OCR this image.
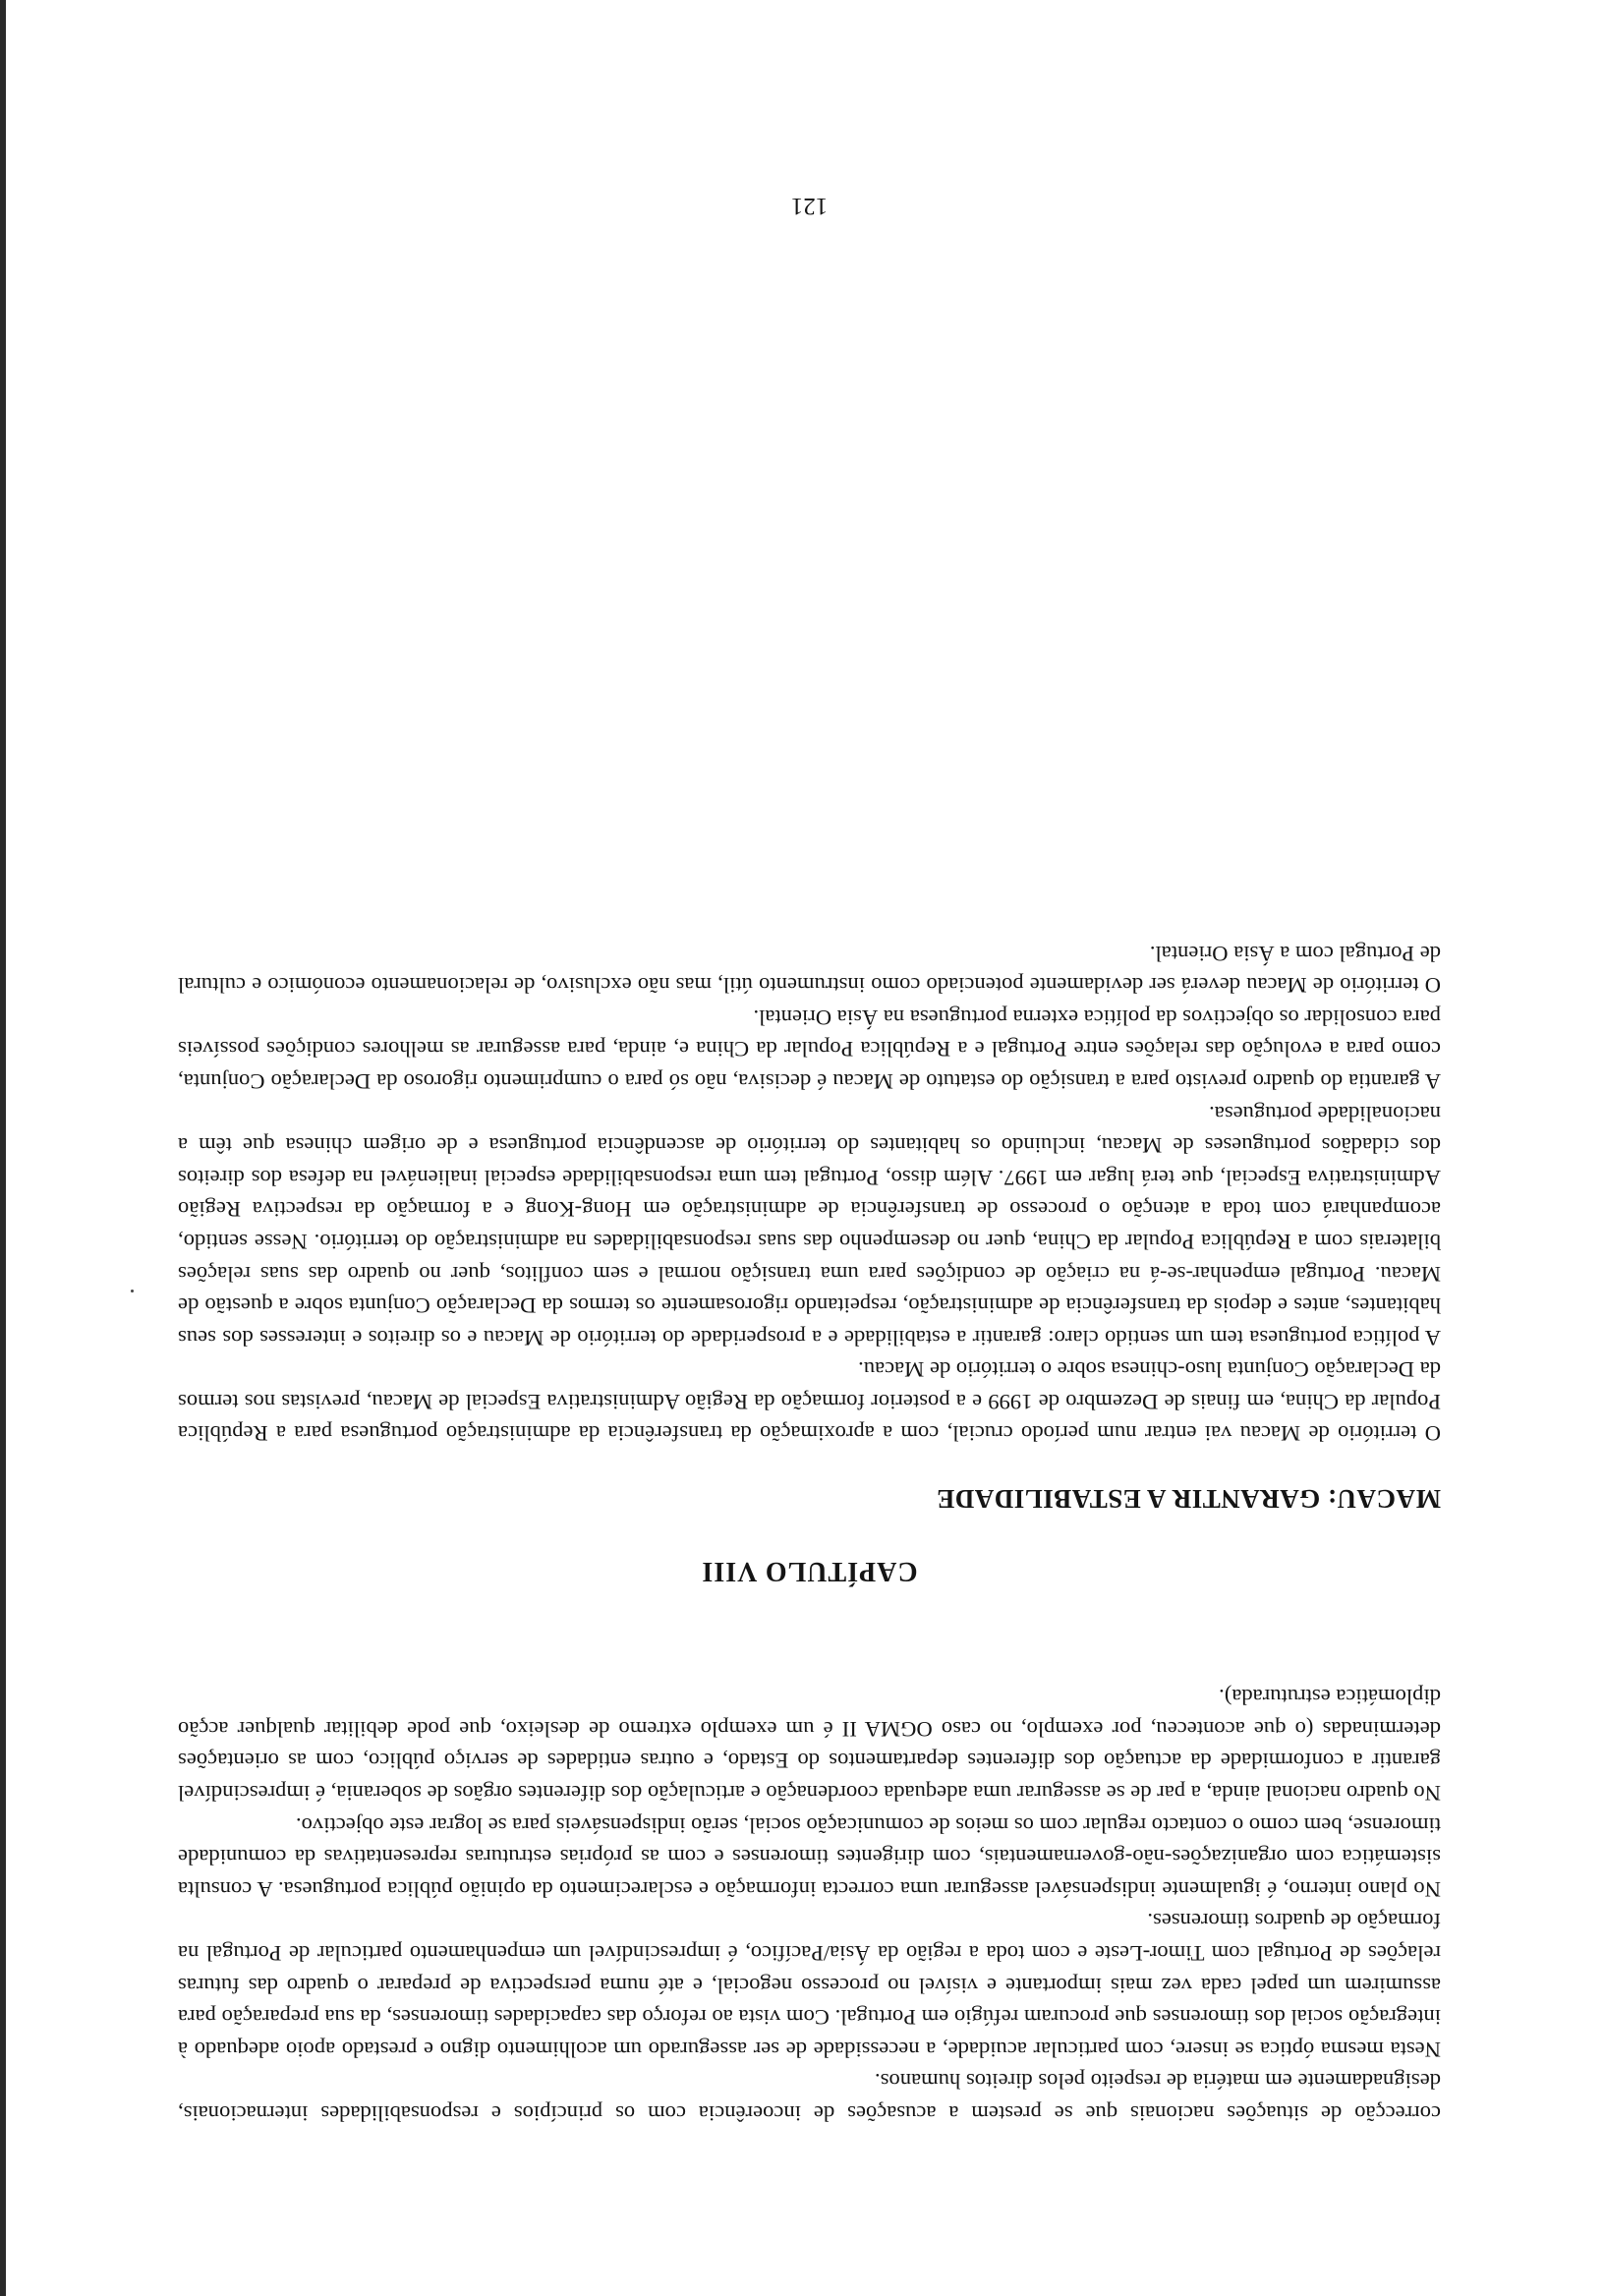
correcção de situações nacionais que se prestem a acusações de incoerência com os princípios e responsabilidades internacionais, designadamente em matéria de respeito pelos direitos humanos.

Nesta mesma óptica se insere, com particular acuidade, a necessidade de ser assegurado um acolhimento digno e prestado apoio adequado à integração social dos timorenses que procuram refúgio em Portugal. Com vista ao reforço das capacidades timorenses, da sua preparação para assumirem um papel cada vez mais importante e visível no processo negocial, e até numa perspectiva de preparar o quadro das futuras relações de Portugal com Timor-Leste e com toda a região da Ásia/Pacífico, é imprescindível um empenhamento particular de Portugal na formação de quadros timorenses.

No plano interno, é igualmente indispensável assegurar uma correcta informação e esclarecimento da opinião pública portuguesa. A consulta sistemática com organizações-não-governamentais, com dirigentes timorenses e com as próprias estruturas representativas da comunidade timorense, bem como o contacto regular com os meios de comunicação social, serão indispensáveis para se lograr este objectivo.

No quadro nacional ainda, a par de se assegurar uma adequada coordenação e articulação dos diferentes orgãos de soberania, é imprescindível garantir a conformidade da actuação dos diferentes departamentos do Estado, e outras entidades de serviço público, com as orientações determinadas (o que aconteceu, por exemplo, no caso OGMA II é um exemplo extremo de desleixo, que pode debilitar qualquer acção diplomática estruturada).

CAPÍTULO VIII

MACAU: GARANTIR A ESTABILIDADE

O território de Macau vai entrar num período crucial, com a aproximação da transferência da administração portuguesa para a República Popular da China, em finais de Dezembro de 1999 e a posterior formação da Região Administrativa Especial de Macau, previstas nos termos da Declaração Conjunta luso-chinesa sobre o território de Macau.

A política portuguesa tem um sentido claro: garantir a estabilidade e a prosperidade do território de Macau e os direitos e interesses dos seus habitantes, antes e depois da transferência de administração, respeitando rigorosamente os termos da Declaração Conjunta sobre a questão de Macau. Portugal empenhar-se-á na criação de condições para uma transição normal e sem conflitos, quer no quadro das suas relações bilaterais com a República Popular da China, quer no desempenho das suas responsabilidades na administração do território. Nesse sentido, acompanhará com toda a atenção o processo de transferência de administração em Hong-Kong e a formação da respectiva Região Administrativa Especial, que terá lugar em 1997. Além disso, Portugal tem uma responsabilidade especial inalienável na defesa dos direitos dos cidadãos portugueses de Macau, incluindo os habitantes do território de ascendência portuguesa e de origem chinesa que têm a nacionalidade portuguesa.

A garantia do quadro previsto para a transição do estatuto de Macau é decisiva, não só para o cumprimento rigoroso da Declaração Conjunta, como para a evolução das relações entre Portugal e a República Popular da China e, ainda, para assegurar as melhores condições possíveis para consolidar os objectivos da política externa portuguesa na Ásia Oriental.

O território de Macau deverá ser devidamente potenciado como instrumento útil, mas não exclusivo, de relacionamento económico e cultural de Portugal com a Ásia Oriental.

121
